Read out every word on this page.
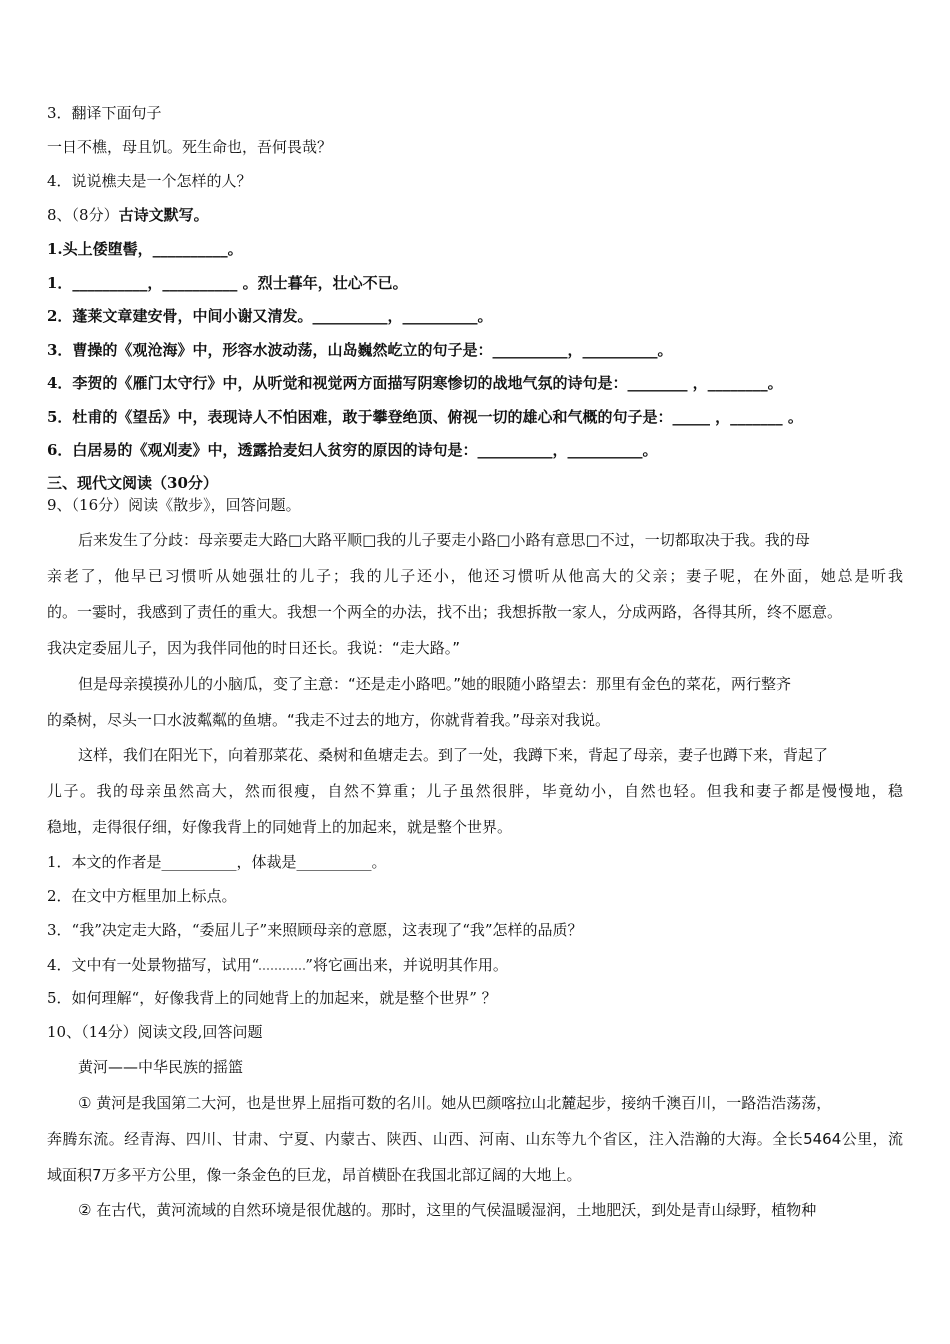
3．翻译下面句子
一日不樵，母且饥。死生命也，吾何畏哉？
4．说说樵夫是一个怎样的人？
8、（8分）古诗文默写。
1.头上倭堕髻，__________。
1．__________，__________ 。烈士暮年，壮心不已。
2．蓬莱文章建安骨，中间小谢又清发。__________，__________。
3．曹操的《观沧海》中，形容水波动荡，山岛巍然屹立的句子是：__________，__________。
4．李贺的《雁门太守行》中，从听觉和视觉两方面描写阴寒惨切的战地气氛的诗句是：________ ，________。
5．杜甫的《望岳》中，表现诗人不怕困难，敢于攀登绝顶、俯视一切的雄心和气概的句子是：_____ ，_______ 。
6．白居易的《观刈麦》中，透露拾麦妇人贫穷的原因的诗句是：__________，__________。
三、现代文阅读（30分）
9、（16分）阅读《散步》，回答问题。
后来发生了分歧：母亲要走大路□大路平顺□我的儿子要走小路□小路有意思□不过，一切都取决于我。我的母
亲老了，他早已习惯听从她强壮的儿子；我的儿子还小，他还习惯听从他高大的父亲；妻子呢，在外面，她总是听我
的。一霎时，我感到了责任的重大。我想一个两全的办法，找不出；我想拆散一家人，分成两路，各得其所，终不愿意。
我决定委屈儿子，因为我伴同他的时日还长。我说：“走大路。”
但是母亲摸摸孙儿的小脑瓜，变了主意：“还是走小路吧。”她的眼随小路望去：那里有金色的菜花，两行整齐
的桑树，尽头一口水波粼粼的鱼塘。“我走不过去的地方，你就背着我。”母亲对我说。
这样，我们在阳光下，向着那菜花、桑树和鱼塘走去。到了一处，我蹲下来，背起了母亲，妻子也蹲下来，背起了
儿子。我的母亲虽然高大，然而很瘦，自然不算重；儿子虽然很胖，毕竟幼小，自然也轻。但我和妻子都是慢慢地，稳
稳地，走得很仔细，好像我背上的同她背上的加起来，就是整个世界。
1．本文的作者是__________，体裁是__________。
2．在文中方框里加上标点。
3．“我”决定走大路，“委屈儿子”来照顾母亲的意愿，这表现了“我”怎样的品质？
4．文中有一处景物描写，试用“	”将它画出来，并说明其作用。
5．如何理解“，好像我背上的同她背上的加起来，就是整个世界” ？
10、（14分）阅读文段,回答问题
黄河——中华民族的摇篮
① 黄河是我国第二大河，也是世界上屈指可数的名川。她从巴颜喀拉山北麓起步，接纳千澳百川，一路浩浩荡荡，
奔腾东流。经青海、四川、甘肃、宁夏、内蒙古、陕西、山西、河南、山东等九个省区，注入浩瀚的大海。全长5464公里，流
域面积7万多平方公里，像一条金色的巨龙，昂首横卧在我国北部辽阔的大地上。
② 在古代，黄河流域的自然环境是很优越的。那时，这里的气侯温暖湿润，土地肥沃，到处是青山绿野，植物种
